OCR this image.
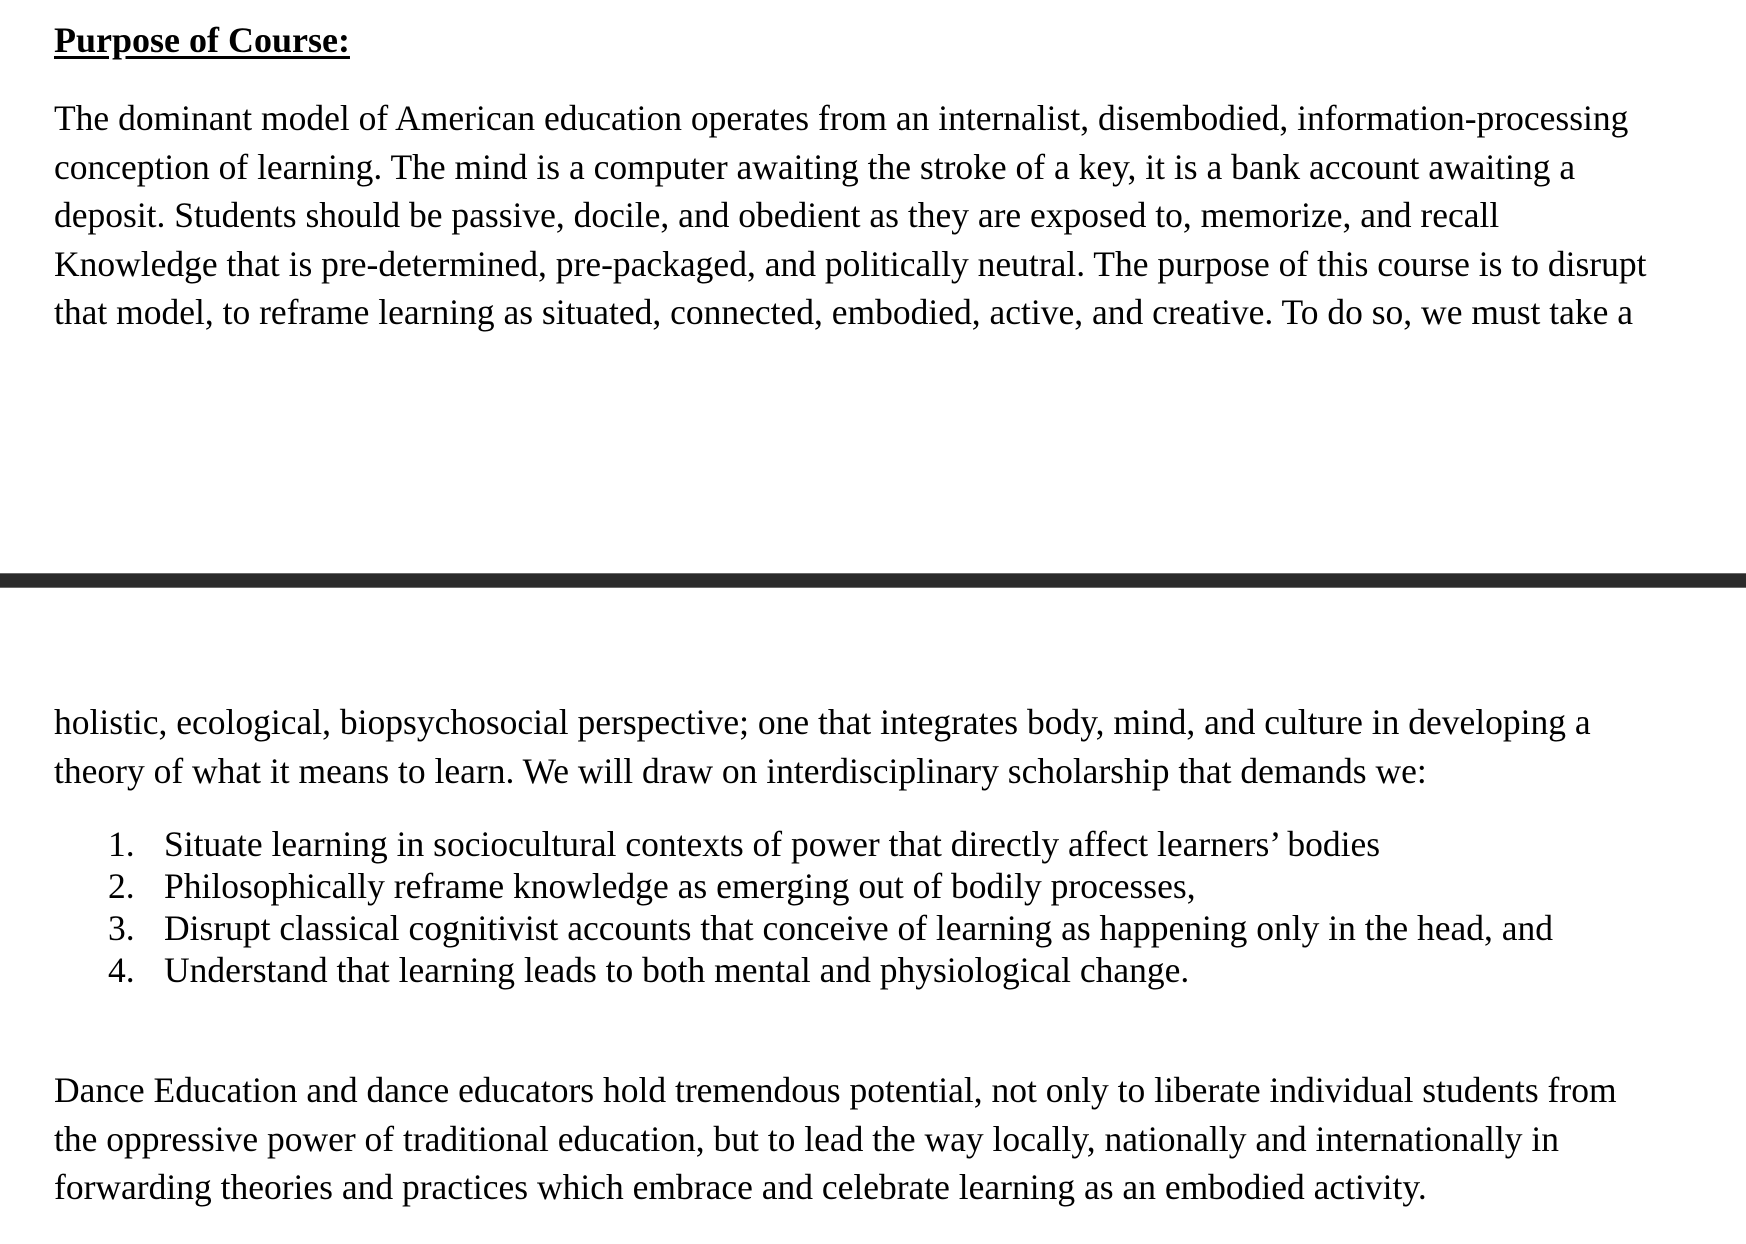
Purpose of Course:

The dominant model of American education operates from an internalist, disembodied, information-processing
conception of learning. The mind is a computer awaiting the stroke of a key, it is a bank account awaiting a
deposit. Students should be passive, docile, and obedient as they are exposed to, memorize, and recall
Knowledge that is pre-determined, pre-packaged, and politically neutral. The purpose of this course is to disrupt
that model, to reframe learning as situated, connected, embodied, active, and creative. To do so, we must take a

holistic, ecological, biopsychosocial perspective; one that integrates body, mind, and culture in developing a
theory of what it means to learn. We will draw on interdisciplinary scholarship that demands we:

1. Situate learning in sociocultural contexts of power that directly affect learners’ bodies
2. Philosophically reframe knowledge as emerging out of bodily processes,
3. Disrupt classical cognitivist accounts that conceive of learning as happening only in the head, and
4. Understand that learning leads to both mental and physiological change.

Dance Education and dance educators hold tremendous potential, not only to liberate individual students from
the oppressive power of traditional education, but to lead the way locally, nationally and internationally in
forwarding theories and practices which embrace and celebrate learning as an embodied activity.
